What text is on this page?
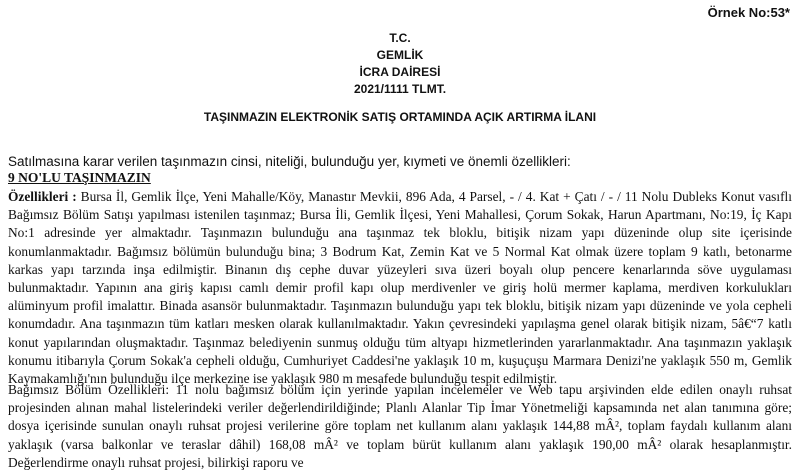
Örnek No:53*
T.C.
GEMLİK
İCRA DAİRESİ
2021/1111 TLMT.
TAŞINMAZIN ELEKTRONİK SATIŞ ORTAMINDA AÇIK ARTIRMA İLANI
Satılmasına karar verilen taşınmazın cinsi, niteliği, bulunduğu yer, kıymeti ve önemli özellikleri:
9 NO'LU TAŞINMAZIN

Özellikleri : Bursa İl, Gemlik İlçe, Yeni Mahalle/Köy, Manastır Mevkii, 896 Ada, 4 Parsel, - / 4. Kat + Çatı / - / 11 Nolu Dubleks Konut vasıflı Bağımsız Bölüm Satışı yapılması istenilen taşınmaz; Bursa İli, Gemlik İlçesi, Yeni Mahallesi, Çorum Sokak, Harun Apartmanı, No:19, İç Kapı No:1 adresinde yer almaktadır. Taşınmazın bulunduğu ana taşınmaz tek bloklu, bitişik nizam yapı düzeninde olup site içerisinde konumlanmaktadır. Bağımsız bölümün bulunduğu bina; 3 Bodrum Kat, Zemin Kat ve 5 Normal Kat olmak üzere toplam 9 katlı, betonarme karkas yapı tarzında inşa edilmiştir. Binanın dış cephe duvar yüzeyleri sıva üzeri boyalı olup pencere kenarlarında söve uygulaması bulunmaktadır. Yapının ana giriş kapısı camlı demir profil kapı olup merdivenler ve giriş holü mermer kaplama, merdiven korkulukları alüminyum profil imalattır. Binada asansör bulunmaktadır. Taşınmazın bulunduğu yapı tek bloklu, bitişik nizam yapı düzeninde ve yola cepheli konumdadır. Ana taşınmazın tüm katları mesken olarak kullanılmaktadır. Yakın çevresindeki yapılaşma genel olarak bitişik nizam, 5â€“7 katlı konut yapılarından oluşmaktadır. Taşınmaz belediyenin sunmuş olduğu tüm altyapı hizmetlerinden yararlanmaktadır. Ana taşınmazın yaklaşık konumu itibarıyla Çorum Sokak'a cepheli olduğu, Cumhuriyet Caddesi'ne yaklaşık 10 m, kuşuçuşu Marmara Denizi'ne yaklaşık 550 m, Gemlik Kaymakamlığı'nın bulunduğu ilçe merkezine ise yaklaşık 980 m mesafede bulunduğu tespit edilmiştir.

Bağımsız Bölüm Özellikleri: 11 nolu bağımsız bölüm için yerinde yapılan incelemeler ve Web tapu arşivinden elde edilen onaylı ruhsat projesinden alınan mahal listelerindeki veriler değerlendirildiğinde; Planlı Alanlar Tip İmar Yönetmeliği kapsamında net alan tanımına göre; dosya içerisinde sunulan onaylı ruhsat projesi verilerine göre toplam net kullanım alanı yaklaşık 144,88 mÂ², toplam faydalı kullanım alanı yaklaşık (varsa balkonlar ve teraslar dâhil) 168,08 mÂ² ve toplam bürüt kullanım alanı yaklaşık 190,00 mÂ² olarak hesaplanmıştır. Değerlendirme onaylı ruhsat projesi, bilirkişi raporu ve
